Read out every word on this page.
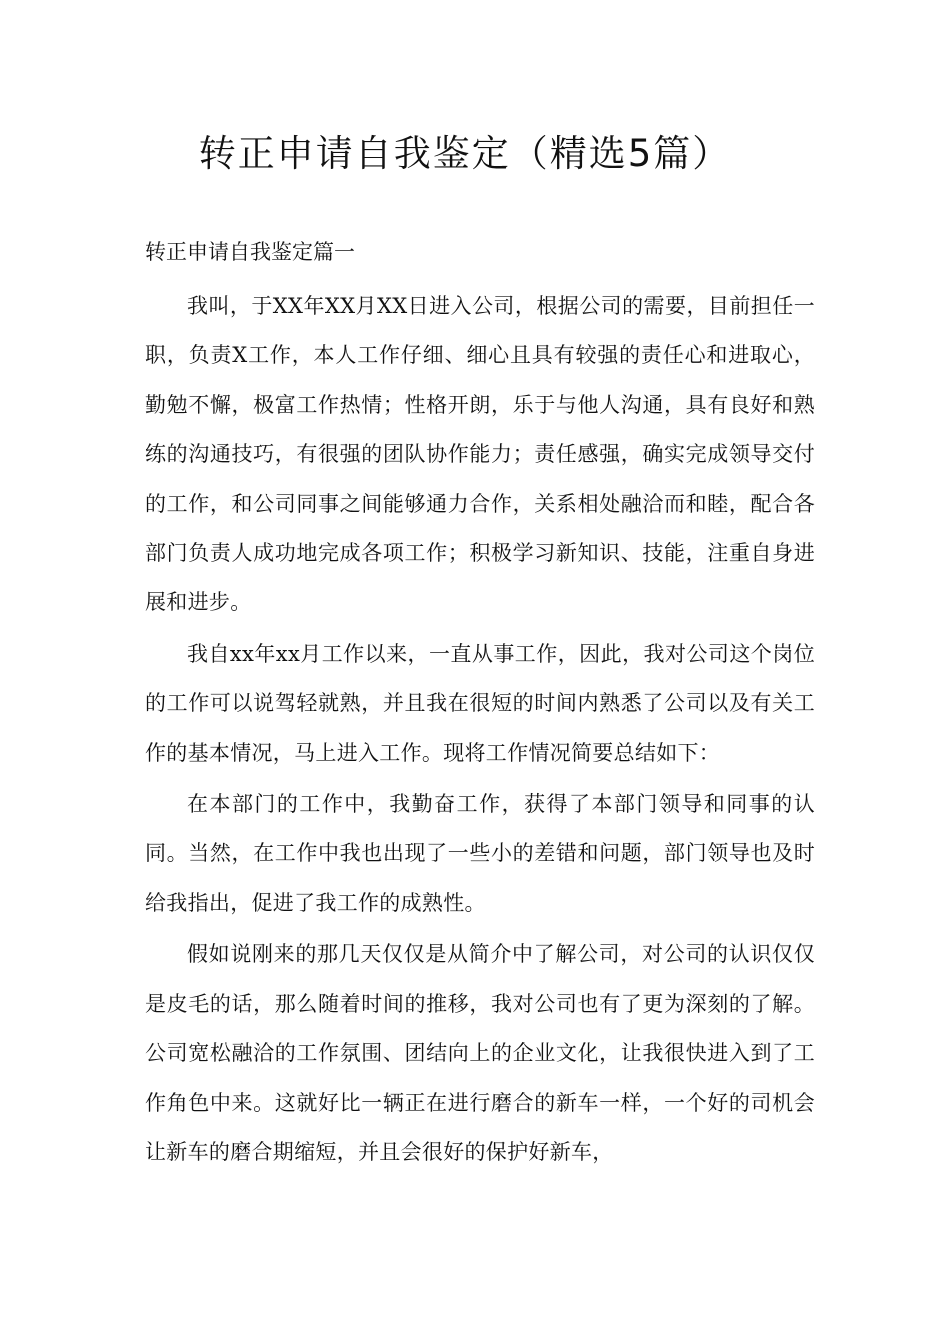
转正申请自我鉴定（精选5篇）
转正申请自我鉴定篇一

我叫，于XX年XX月XX日进入公司，根据公司的需要，目前担任一职，负责X工作，本人工作仔细、细心且具有较强的责任心和进取心，勤勉不懈，极富工作热情；性格开朗，乐于与他人沟通，具有良好和熟练的沟通技巧，有很强的团队协作能力；责任感强，确实完成领导交付的工作，和公司同事之间能够通力合作，关系相处融洽而和睦，配合各部门负责人成功地完成各项工作；积极学习新知识、技能，注重自身进展和进步。

我自xx年xx月工作以来，一直从事工作，因此，我对公司这个岗位的工作可以说驾轻就熟，并且我在很短的时间内熟悉了公司以及有关工作的基本情况，马上进入工作。现将工作情况简要总结如下：

在本部门的工作中，我勤奋工作，获得了本部门领导和同事的认同。当然，在工作中我也出现了一些小的差错和问题，部门领导也及时给我指出，促进了我工作的成熟性。

假如说刚来的那几天仅仅是从简介中了解公司，对公司的认识仅仅是皮毛的话，那么随着时间的推移，我对公司也有了更为深刻的了解。公司宽松融洽的工作氛围、团结向上的企业文化，让我很快进入到了工作角色中来。这就好比一辆正在进行磨合的新车一样，一个好的司机会让新车的磨合期缩短，并且会很好的保护好新车，
